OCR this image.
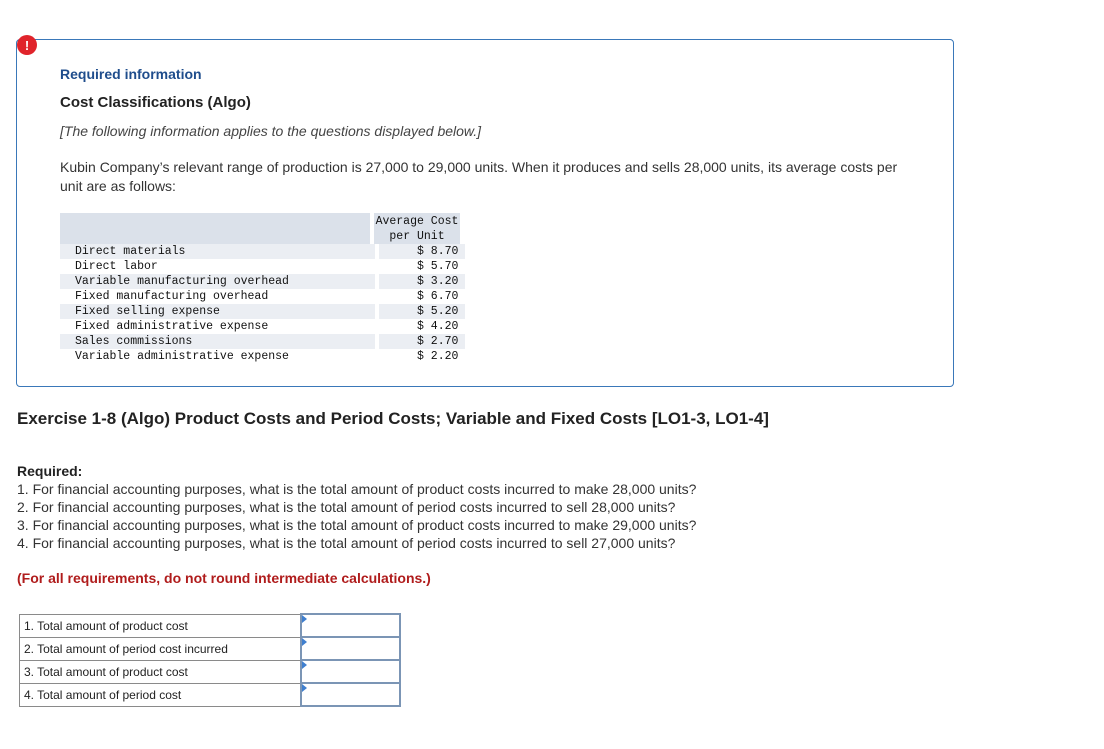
Required information
Cost Classifications (Algo)
[The following information applies to the questions displayed below.]
Kubin Company’s relevant range of production is 27,000 to 29,000 units. When it produces and sells 28,000 units, its average costs per unit are as follows:
Average Cost
per Unit
Direct materials	$ 8.70
Direct labor	$ 5.70
Variable manufacturing overhead	$ 3.20
Fixed manufacturing overhead	$ 6.70
Fixed selling expense	$ 5.20
Fixed administrative expense	$ 4.20
Sales commissions	$ 2.70
Variable administrative expense	$ 2.20
!
Exercise 1-8 (Algo) Product Costs and Period Costs; Variable and Fixed Costs [LO1-3, LO1-4]
Required:
1. For financial accounting purposes, what is the total amount of product costs incurred to make 28,000 units?
2. For financial accounting purposes, what is the total amount of period costs incurred to sell 28,000 units?
3. For financial accounting purposes, what is the total amount of product costs incurred to make 29,000 units?
4. For financial accounting purposes, what is the total amount of period costs incurred to sell 27,000 units?
(For all requirements, do not round intermediate calculations.)
1. Total amount of product cost	

2. Total amount of period cost incurred	

3. Total amount of product cost	

4. Total amount of period cost	
